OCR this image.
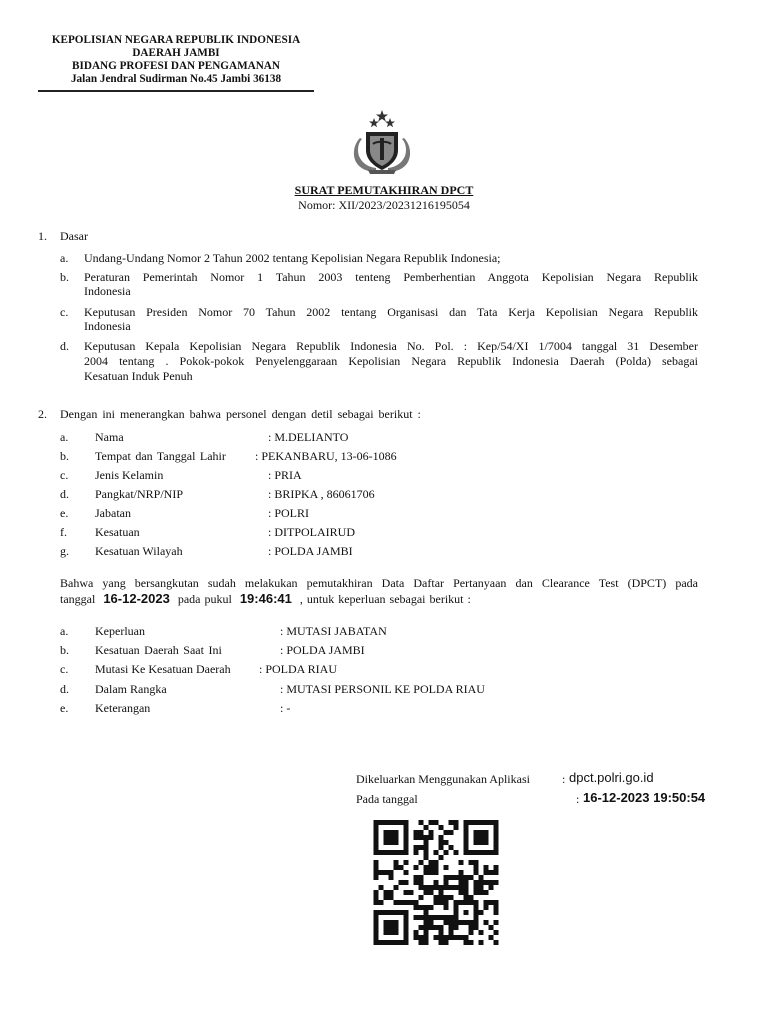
KEPOLISIAN NEGARA REPUBLIK INDONESIA
DAERAH JAMBI
BIDANG PROFESI DAN PENGAMANAN
Jalan Jendral Sudirman No.45 Jambi 36138
SURAT PEMUTAKHIRAN DPCT
Nomor: XII/2023/20231216195054
1. Dasar
a. Undang-Undang Nomor 2 Tahun 2002 tentang Kepolisian Negara Republik Indonesia;
b. Peraturan Pemerintah Nomor 1 Tahun 2003 tenteng Pemberhentian Anggota Kepolisian Negara Republik
Indonesia
c. Keputusan Presiden Nomor 70 Tahun 2002 tentang Organisasi dan Tata Kerja Kepolisian Negara Republik
Indonesia
d. Keputusan Kepala Kepolisian Negara Republik Indonesia No. Pol. : Kep/54/XI 1/7004 tanggal 31 Desember
2004 tentang . Pokok-pokok Penyelenggaraan Kepolisian Negara Republik Indonesia Daerah (Polda) sebagai
Kesatuan Induk Penuh
2. Dengan ini menerangkan bahwa personel dengan detil sebagai berikut :
a. Nama	: M.DELIANTO
b. Tempat dan Tanggal Lahir : PEKANBARU, 13-06-1086
c. Jenis Kelamin	: PRIA
d. Pangkat/NRP/NIP	: BRIPKA , 86061706
e. Jabatan	: POLRI
f. Kesatuan	: DITPOLAIRUD
g. Kesatuan Wilayah	: POLDA JAMBI
Bahwa yang bersangkutan sudah melakukan pemutakhiran Data Daftar Pertanyaan dan Clearance Test (DPCT) pada
tanggal 16-12-2023 pada pukul 19:46:41 , untuk keperluan sebagai berikut :
a. Keperluan	: MUTASI JABATAN
b. Kesatuan Daerah Saat Ini	: POLDA JAMBI
c. Mutasi Ke Kesatuan Daerah : POLDA RIAU
d. Dalam Rangka	: MUTASI PERSONIL KE POLDA RIAU
e. Keterangan	: -
Dikeluarkan Menggunakan Aplikasi	: dpct.polri.go.id
Pada tanggal	: 16-12-2023 19:50:54
